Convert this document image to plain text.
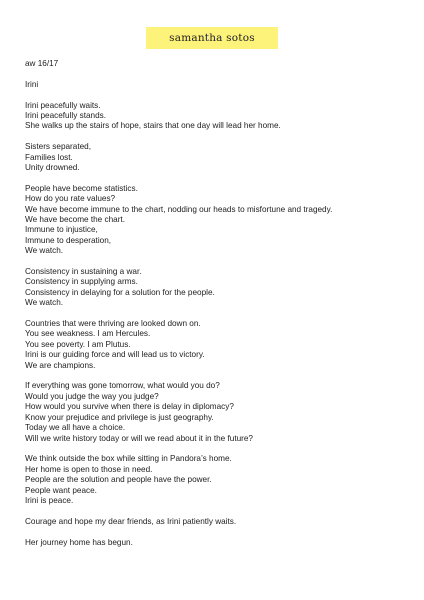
samantha sotos
aw 16/17
Irini
Irini peacefully waits.
Irini peacefully stands.
She walks up the stairs of hope, stairs that one day will lead her home.
Sisters separated,
Families lost.
Unity drowned.
People have become statistics.
How do you rate values?
We have become immune to the chart, nodding our heads to misfortune and tragedy.
We have become the chart.
Immune to injustice,
Immune to desperation,
We watch.
Consistency in sustaining a war.
Consistency in supplying arms.
Consistency in delaying for a solution for the people.
We watch.
Countries that were thriving are looked down on.
You see weakness. I am Hercules.
You see poverty. I am Plutus.
Irini is our guiding force and will lead us to victory.
We are champions.
If everything was gone tomorrow, what would you do?
Would you judge the way you judge?
How would you survive when there is delay in diplomacy?
Know your prejudice and privilege is just geography.
Today we all have a choice.
Will we write history today or will we read about it in the future?
We think outside the box while sitting in Pandora’s home.
Her home is open to those in need.
People are the solution and people have the power.
People want peace.
Irini is peace.
Courage and hope my dear friends, as Irini patiently waits.
Her journey home has begun.
